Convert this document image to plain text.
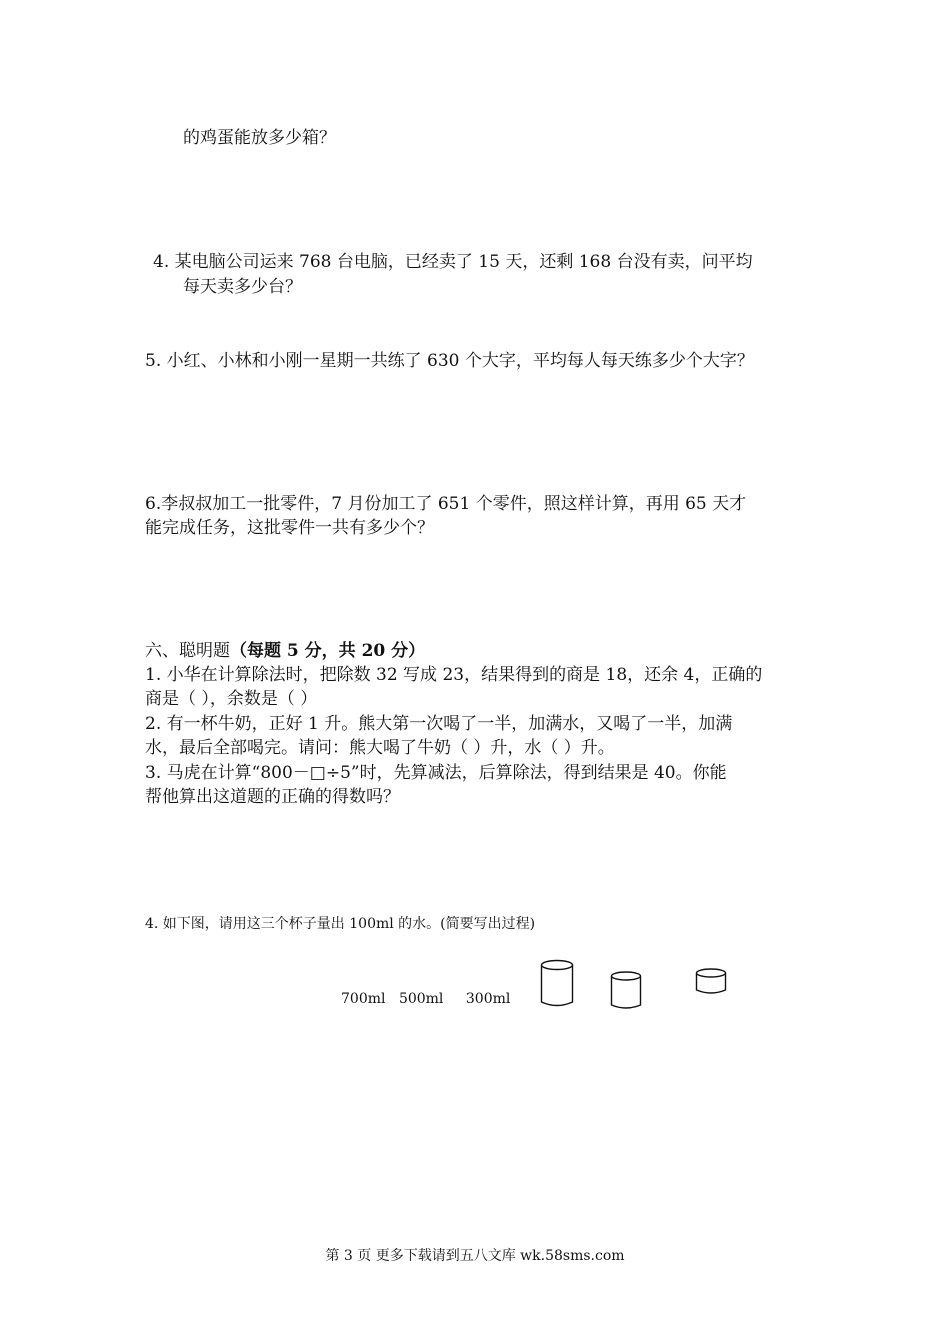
的鸡蛋能放多少箱？
4. 某电脑公司运来 768 台电脑，已经卖了 15 天，还剩 168 台没有卖，问平均
每天卖多少台？
5. 小红、小林和小刚一星期一共练了 630 个大字，平均每人每天练多少个大字？
6.李叔叔加工一批零件，7 月份加工了 651 个零件，照这样计算，再用 65 天才
能完成任务，这批零件一共有多少个？
六、聪明题（每题 5 分，共 20 分）
1. 小华在计算除法时，把除数 32 写成 23，结果得到的商是 18，还余 4，正确的
商是（ ），余数是（ ）
2. 有一杯牛奶，正好 1 升。熊大第一次喝了一半，加满水，又喝了一半，加满
水，最后全部喝完。请问：熊大喝了牛奶（ ）升，水（ ）升。
3. 马虎在计算“800－□÷5”时，先算减法，后算除法，得到结果是 40。你能
帮他算出这道题的正确的得数吗？
4. 如下图，请用这三个杯子量出 100ml 的水。(简要写出过程)
700ml 500ml 300ml
第 3 页 更多下载请到五八文库 wk.58sms.com
